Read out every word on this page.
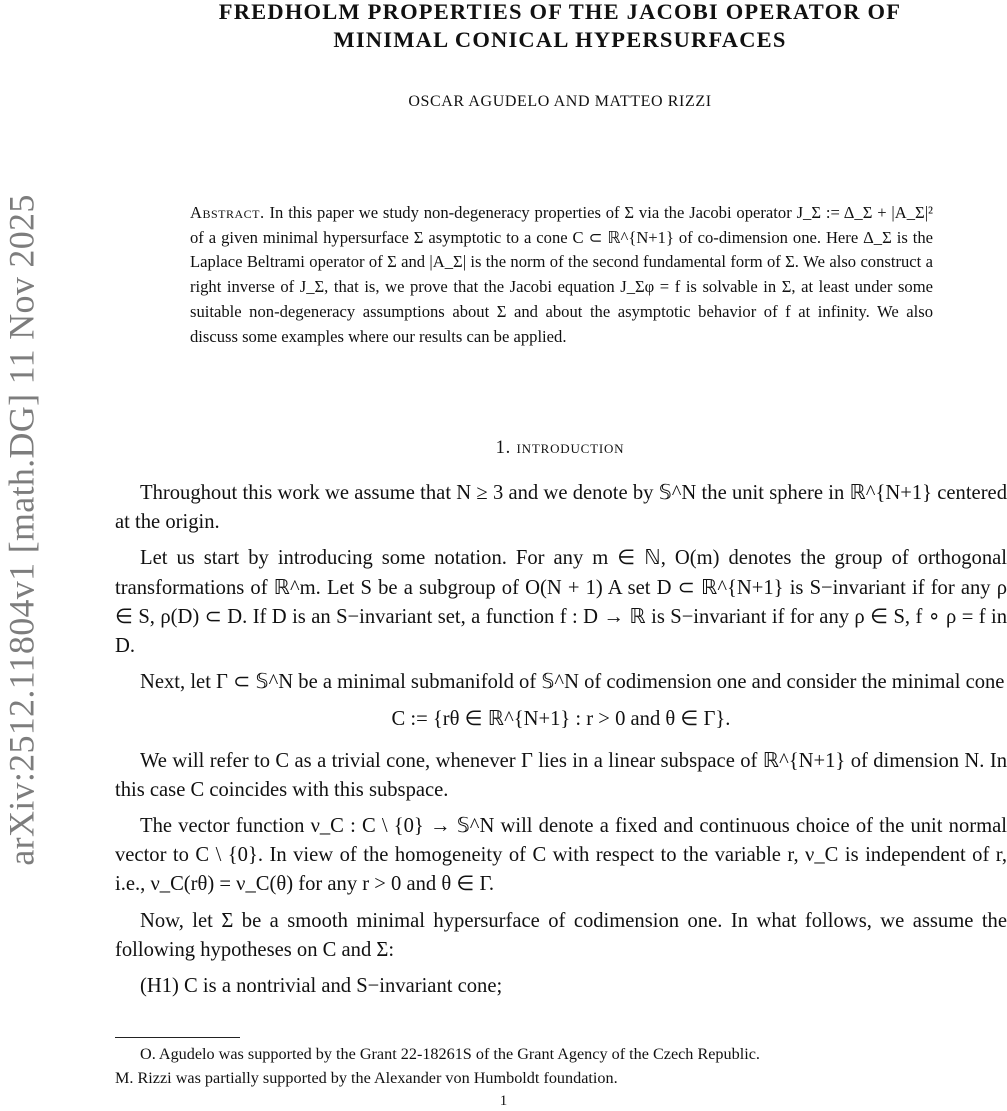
arXiv:2512.11804v1 [math.DG] 11 Nov 2025
FREDHOLM PROPERTIES OF THE JACOBI OPERATOR OF
MINIMAL CONICAL HYPERSURFACES
OSCAR AGUDELO AND MATTEO RIZZI

Abstract. In this paper we study non-degeneracy properties of Σ via the Jacobi operator J_Σ := Δ_Σ + |A_Σ|² of a given minimal hypersurface Σ asymptotic to a cone C ⊂ ℝ^{N+1} of co-dimension one. Here Δ_Σ is the Laplace Beltrami operator of Σ and |A_Σ| is the norm of the second fundamental form of Σ. We also construct a right inverse of J_Σ, that is, we prove that the Jacobi equation J_Σφ = f is solvable in Σ, at least under some suitable non-degeneracy assumptions about Σ and about the asymptotic behavior of f at infinity. We also discuss some examples where our results can be applied.

1. introduction

Throughout this work we assume that N ≥ 3 and we denote by 𝕊^N the unit sphere in ℝ^{N+1} centered at the origin.

Let us start by introducing some notation. For any m ∈ ℕ, O(m) denotes the group of orthogonal transformations of ℝ^m. Let S be a subgroup of O(N + 1) A set D ⊂ ℝ^{N+1} is S−invariant if for any ρ ∈ S, ρ(D) ⊂ D. If D is an S−invariant set, a function f : D → ℝ is S−invariant if for any ρ ∈ S, f ∘ ρ = f in D.

Next, let Γ ⊂ 𝕊^N be a minimal submanifold of 𝕊^N of codimension one and consider the minimal cone

C := {rθ ∈ ℝ^{N+1} : r > 0 and θ ∈ Γ}.

We will refer to C as a trivial cone, whenever Γ lies in a linear subspace of ℝ^{N+1} of dimension N. In this case C coincides with this subspace.

The vector function ν_C : C \ {0} → 𝕊^N will denote a fixed and continuous choice of the unit normal vector to C \ {0}. In view of the homogeneity of C with respect to the variable r, ν_C is independent of r, i.e., ν_C(rθ) = ν_C(θ) for any r > 0 and θ ∈ Γ.

Now, let Σ be a smooth minimal hypersurface of codimension one. In what follows, we assume the following hypotheses on C and Σ:

(H1) C is a nontrivial and S−invariant cone;

O. Agudelo was supported by the Grant 22-18261S of the Grant Agency of the Czech Republic.

M. Rizzi was partially supported by the Alexander von Humboldt foundation.

1
